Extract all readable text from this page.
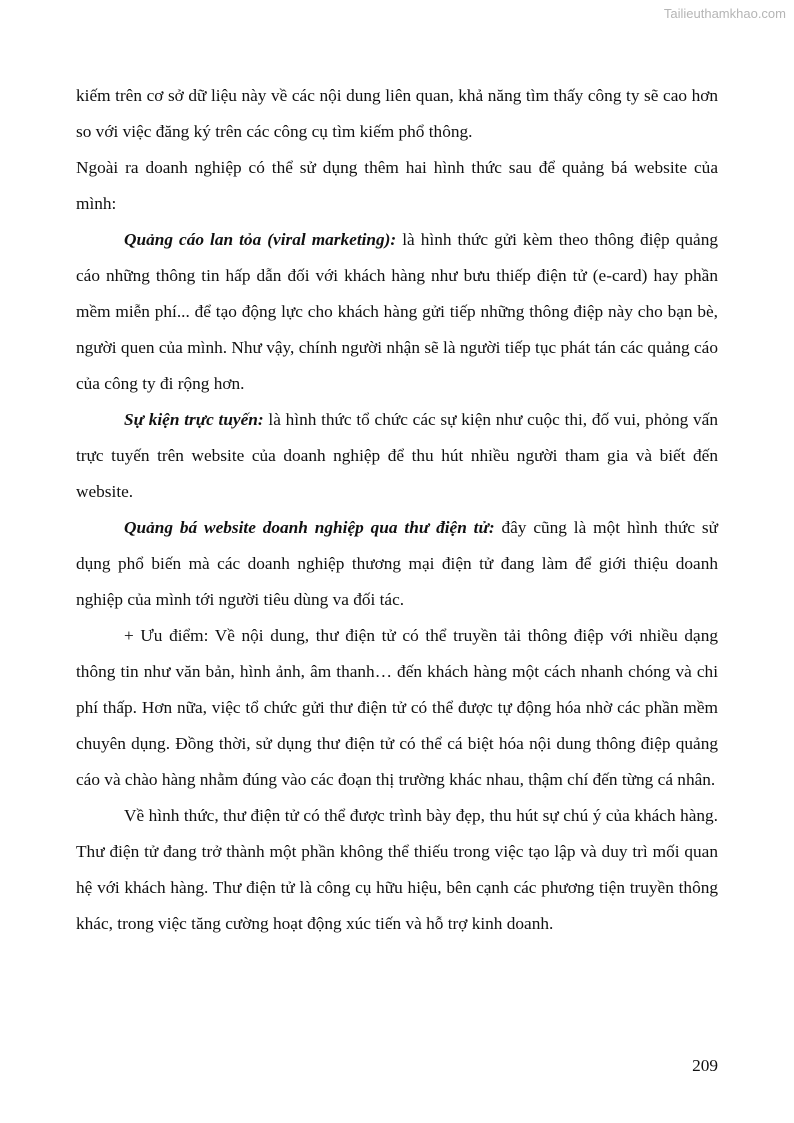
Tailieuthamkhao.com

kiếm trên cơ sở dữ liệu này về các nội dung liên quan, khả năng tìm thấy công ty sẽ cao hơn so với việc đăng ký trên các công cụ tìm kiếm phổ thông.

Ngoài ra doanh nghiệp có thể sử dụng thêm hai hình thức sau để quảng bá website của mình:

Quảng cáo lan tỏa (viral marketing): là hình thức gửi kèm theo thông điệp quảng cáo những thông tin hấp dẫn đối với khách hàng như bưu thiếp điện tử (e-card) hay phần mềm miễn phí... để tạo động lực cho khách hàng gửi tiếp những thông điệp này cho bạn bè, người quen của mình. Như vậy, chính người nhận sẽ là người tiếp tục phát tán các quảng cáo của công ty đi rộng hơn.

Sự kiện trực tuyến: là hình thức tổ chức các sự kiện như cuộc thi, đố vui, phỏng vấn trực tuyến trên website của doanh nghiệp để thu hút nhiều người tham gia và biết đến website.

Quảng bá website doanh nghiệp qua thư điện tử: đây cũng là một hình thức sử dụng phổ biến mà các doanh nghiệp thương mại điện tử đang làm để giới thiệu doanh nghiệp của mình tới người tiêu dùng va đối tác.

+ Ưu điểm: Về nội dung, thư điện tử có thể truyền tải thông điệp với nhiều dạng thông tin như văn bản, hình ảnh, âm thanh… đến khách hàng một cách nhanh chóng và chi phí thấp. Hơn nữa, việc tổ chức gửi thư điện tử có thể được tự động hóa nhờ các phần mềm chuyên dụng. Đồng thời, sử dụng thư điện tử có thể cá biệt hóa nội dung thông điệp quảng cáo và chào hàng nhằm đúng vào các đoạn thị trường khác nhau, thậm chí đến từng cá nhân.

Về hình thức, thư điện tử có thể được trình bày đẹp, thu hút sự chú ý của khách hàng. Thư điện tử đang trở thành một phần không thể thiếu trong việc tạo lập và duy trì mối quan hệ với khách hàng. Thư điện tử là công cụ hữu hiệu, bên cạnh các phương tiện truyền thông khác, trong việc tăng cường hoạt động xúc tiến và hỗ trợ kinh doanh.

209
